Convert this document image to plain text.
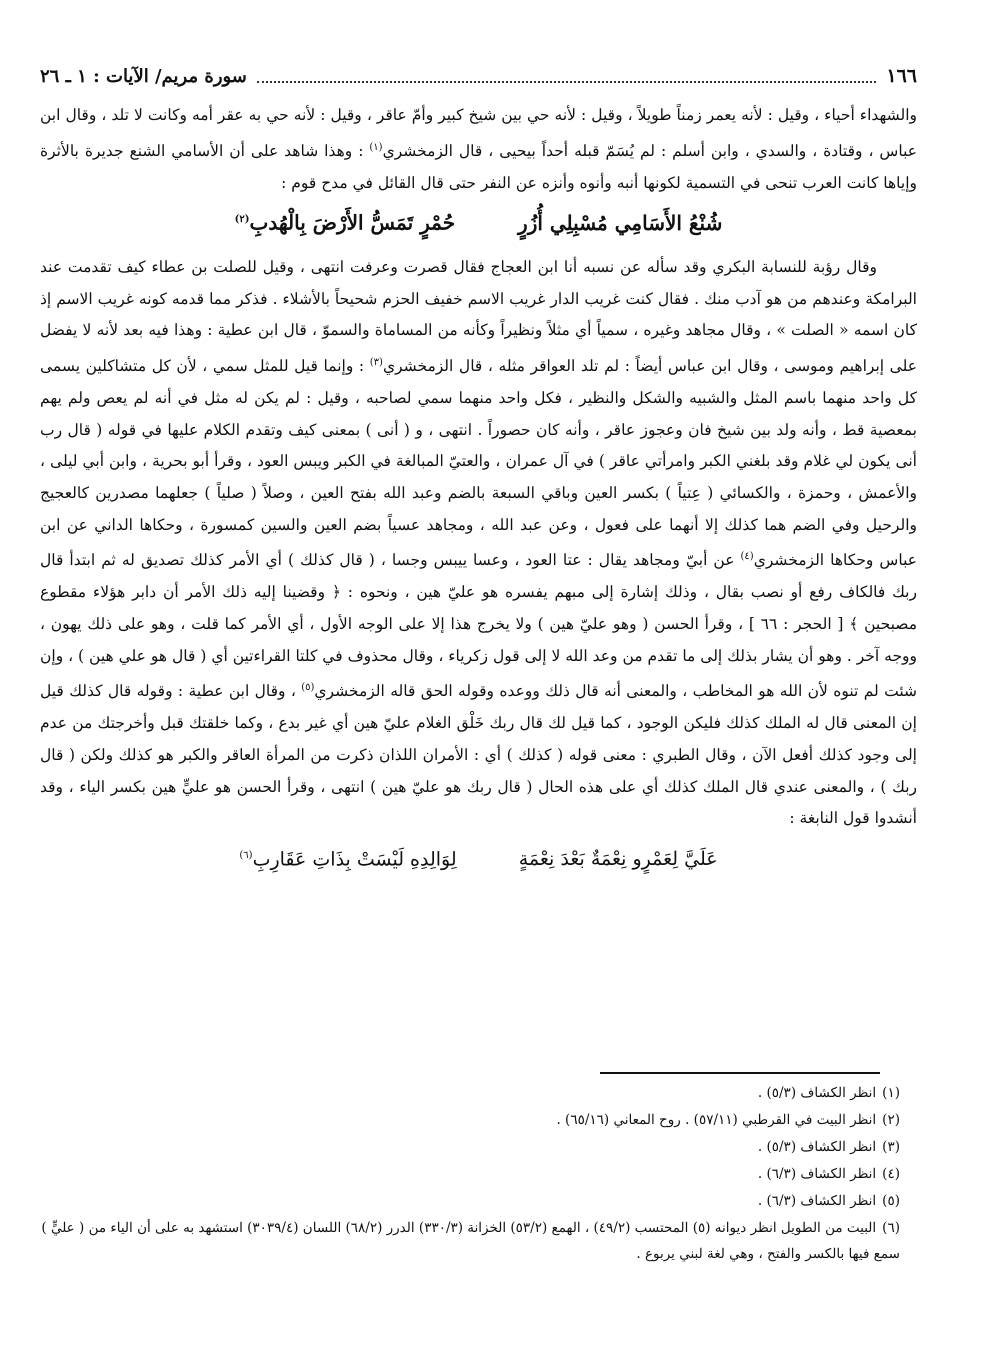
١٦٦
سورة مريم/ الآيات : ١ ـ ٢٦

والشهداء أحياء ، وقيل : لأنه يعمر زمناً طويلاً ، وقيل : لأنه حي بين شيخ كبير وأمّ عاقر ، وقيل : لأنه حي به عقر أمه وكانت لا تلد ، وقال ابن عباس ، وقتادة ، والسدي ، وابن أسلم : لم يُسَمّ قبله أحداً بيحيى ، قال الزمخشري$^{(١)}$ : وهذا شاهد على أن الأسامي الشنع جديرة بالأثرة وإياها كانت العرب تنحى في التسمية لكونها أنبه وأنوه وأنزه عن النفر حتى قال القائل في مدح قوم :

شُنْعُ الأَسَامِي مُسْبِلِي أُزُرٍ حُمْرٍ تَمَسُّ الأَرْضَ بِالْهُدبِ$^{(٢)}$

وقال رؤبة للنسابة البكري وقد سأله عن نسبه أنا ابن العجاج فقال قصرت وعرفت انتهى ، وقيل للصلت بن عطاء كيف تقدمت عند البرامكة وعندهم من هو آدب منك . فقال كنت غريب الدار غريب الاسم خفيف الحزم شحيحاً بالأشلاء . فذكر مما قدمه كونه غريب الاسم إذ كان اسمه « الصلت » ، وقال مجاهد وغيره ، سمياً أي مثلاً ونظيراً وكأنه من المساماة والسموّ ، قال ابن عطية : وهذا فيه بعد لأنه لا يفضل على إبراهيم وموسى ، وقال ابن عباس أيضاً : لم تلد العواقر مثله ، قال الزمخشري$^{(٣)}$ : وإنما قيل للمثل سمي ، لأن كل متشاكلين يسمى كل واحد منهما باسم المثل والشبيه والشكل والنظير ، فكل واحد منهما سمي لصاحبه ، وقيل : لم يكن له مثل في أنه لم يعص ولم يهم بمعصية قط ، وأنه ولد بين شيخ فان وعجوز عاقر ، وأنه كان حصوراً . انتهى ، و ( أنى ) بمعنى كيف وتقدم الكلام عليها في قوله ( قال رب أنى يكون لي غلام وقد بلغني الكبر وامرأتي عاقر ) في آل عمران ، والعتيّ المبالغة في الكبر ويبس العود ، وقرأ أبو بحرية ، وابن أبي ليلى ، والأعمش ، وحمزة ، والكسائي ( عِتياً ) بكسر العين وباقي السبعة بالضم وعبد الله بفتح العين ، وصلاً ( صلياً ) جعلهما مصدرين كالعجيج والرحيل وفي الضم هما كذلك إلا أنهما على فعول ، وعن عبد الله ، ومجاهد عسياً بضم العين والسين كمسورة ، وحكاها الداني عن ابن عباس وحكاها الزمخشري$^{(٤)}$ عن أبيّ ومجاهد يقال : عتا العود ، وعسا ييبس وجسا ، ( قال كذلك ) أي الأمر كذلك تصديق له ثم ابتدأ قال ربك فالكاف رفع أو نصب بقال ، وذلك إشارة إلى مبهم يفسره هو عليّ هين ، ونحوه : ﴿ وقضينا إليه ذلك الأمر أن دابر هؤلاء مقطوع مصبحين ﴾ [ الحجر : ٦٦ ] ، وقرأ الحسن ( وهو عليّ هين ) ولا يخرج هذا إلا على الوجه الأول ، أي الأمر كما قلت ، وهو على ذلك يهون ، ووجه آخر . وهو أن يشار بذلك إلى ما تقدم من وعد الله لا إلى قول زكرياء ، وقال محذوف في كلتا القراءتين أي ( قال هو علي هين ) ، وإن شئت لم تنوه لأن الله هو المخاطب ، والمعنى أنه قال ذلك ووعده وقوله الحق قاله الزمخشري$^{(٥)}$ ، وقال ابن عطية : وقوله قال كذلك قيل إن المعنى قال له الملك كذلك فليكن الوجود ، كما قيل لك قال ربك خَلْق الغلام عليّ هين أي غير بدع ، وكما خلقتك قبل وأخرجتك من عدم إلى وجود كذلك أفعل الآن ، وقال الطبري : معنى قوله ( كذلك ) أي : الأمران اللذان ذكرت من المرأة العاقر والكبر هو كذلك ولكن ( قال ربك ) ، والمعنى عندي قال الملك كذلك أي على هذه الحال ( قال ربك هو عليّ هين ) انتهى ، وقرأ الحسن هو عليٍّ هين بكسر الياء ، وقد أنشدوا قول النابغة :

عَلَيَّ لِعَمْرٍو نِعْمَةٌ بَعْدَ نِعْمَةٍ لِوَالِدِهِ لَيْسَتْ بِذَاتِ عَقَارِبِ$^{(٦)}$

(١)انظر الكشاف (٥/٣) .

(٢)انظر البيت في القرطبي (٥٧/١١) . روح المعاني (٦٥/١٦) .

(٣)انظر الكشاف (٥/٣) .

(٤)انظر الكشاف (٦/٣) .

(٥)انظر الكشاف (٦/٣) .

(٦)البيت من الطويل انظر ديوانه (٥) المحتسب (٤٩/٢) ، الهمع (٥٣/٢) الخزانة (٣٣٠/٣) الدرر (٦٨/٢) اللسان (٣٠٣٩/٤) استشهد به على أن الياء من ( عليٍّ ) سمع فيها بالكسر والفتح ، وهي لغة لبني يربوع .
